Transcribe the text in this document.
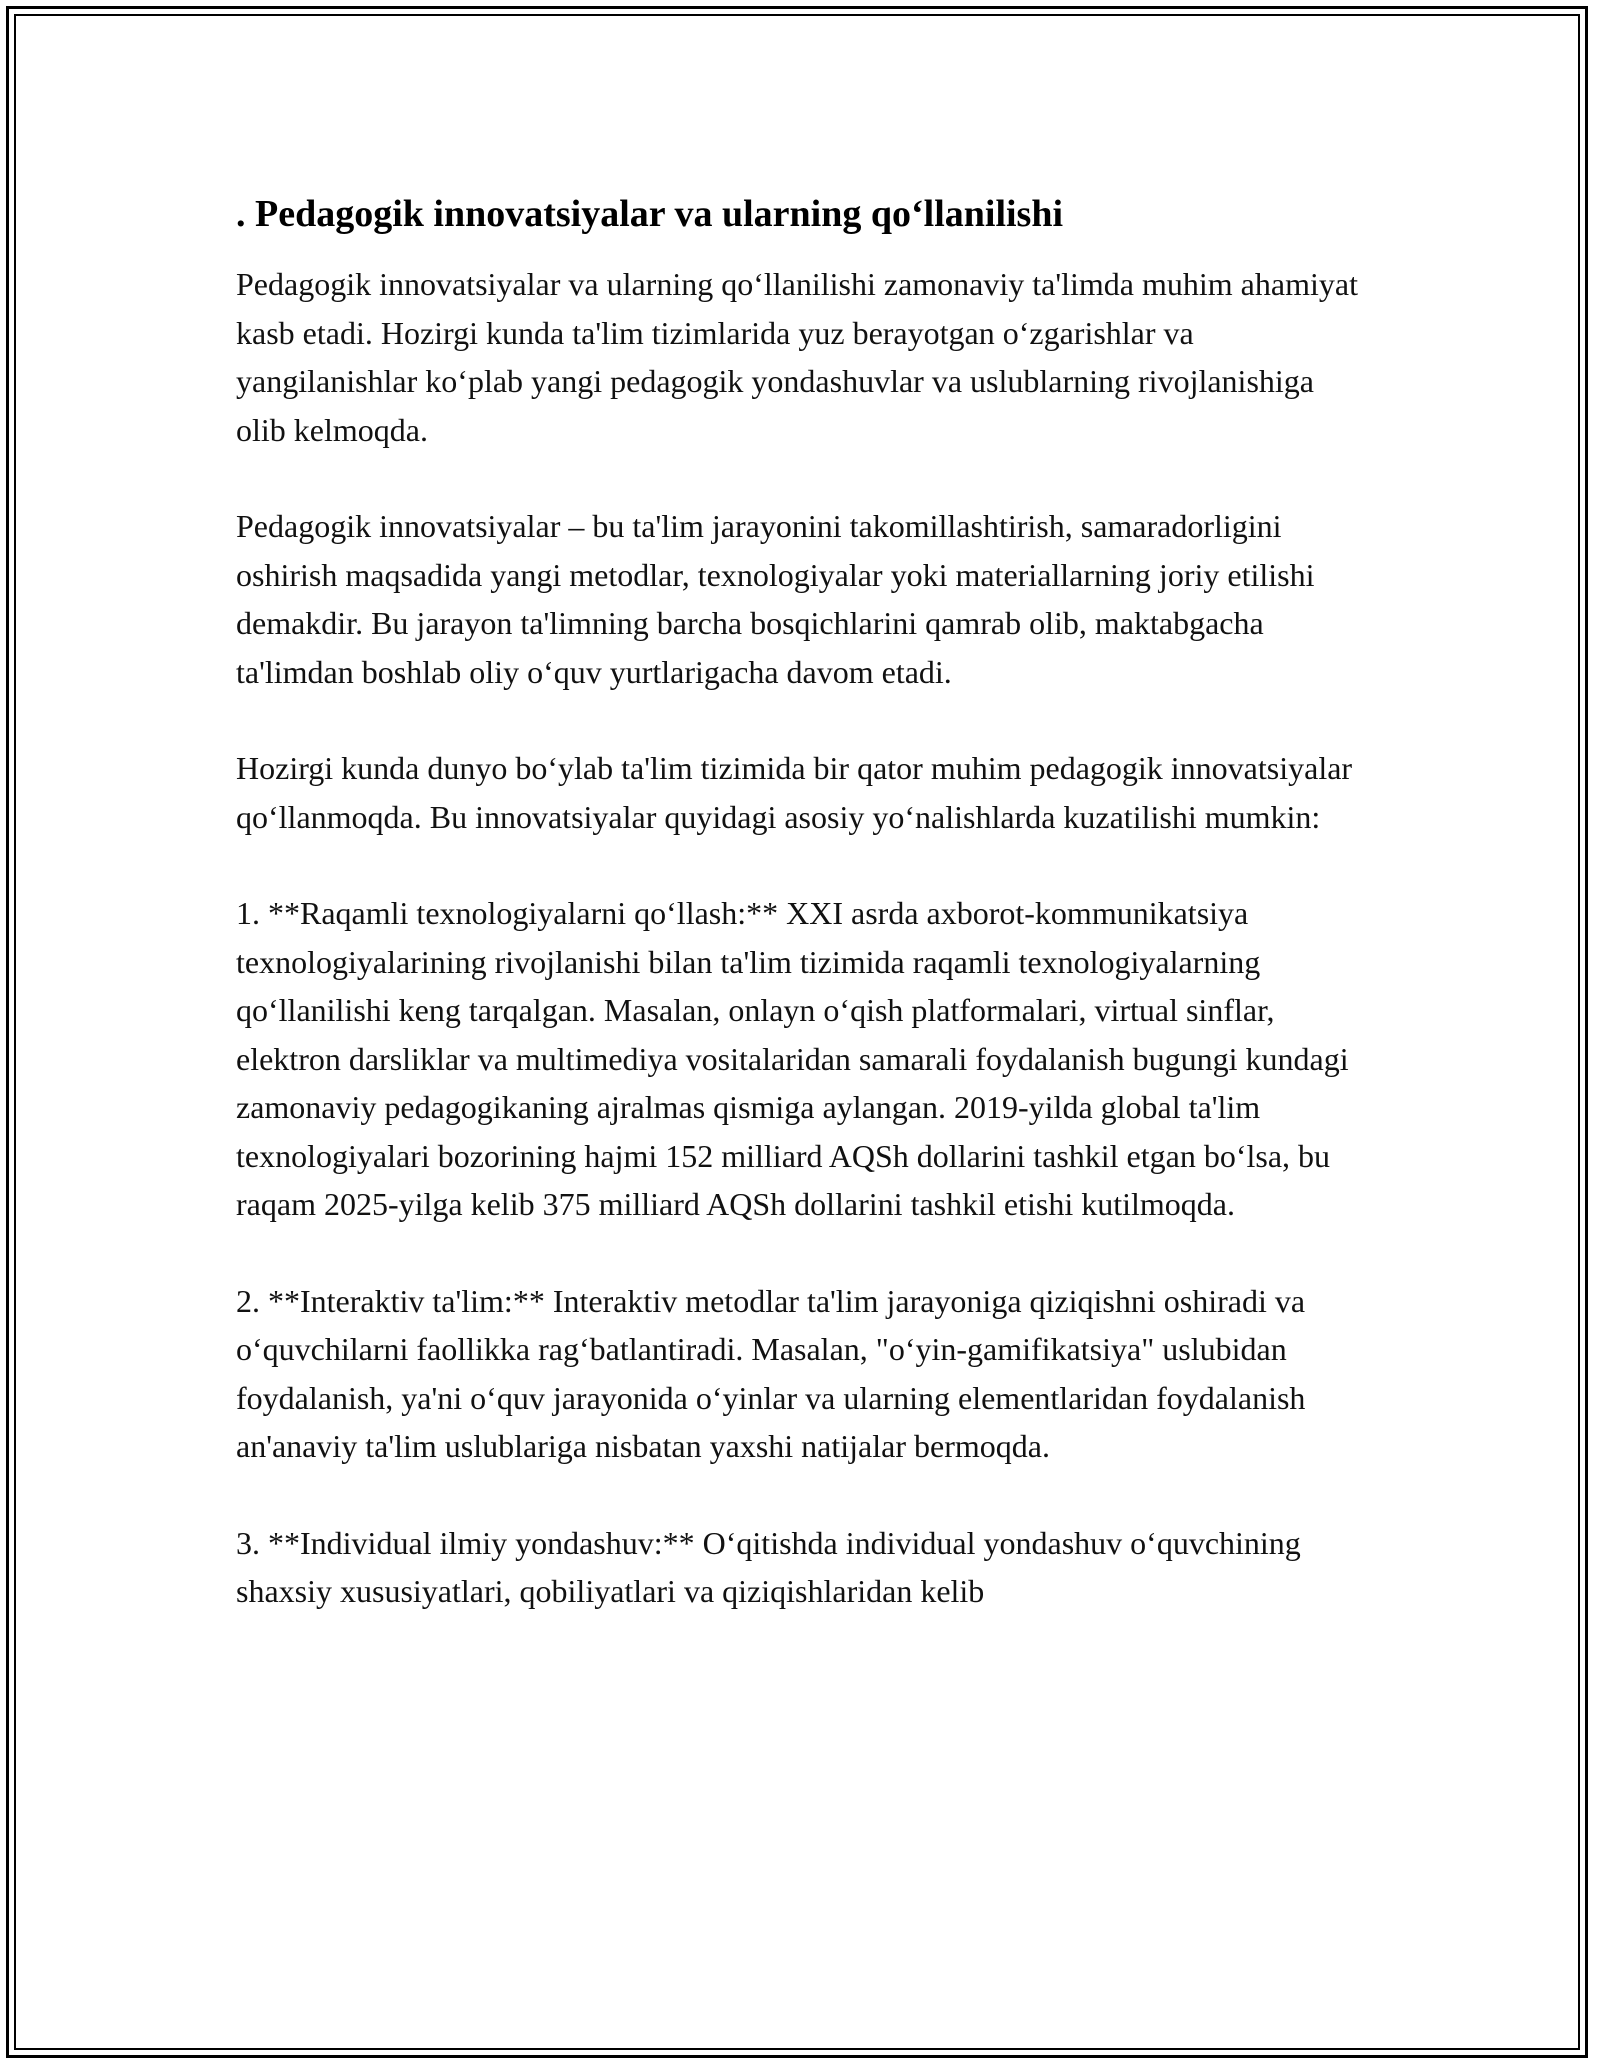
. Pedagogik innovatsiyalar va ularning qo‘llanilishi

Pedagogik innovatsiyalar va ularning qo‘llanilishi zamonaviy ta'limda muhim ahamiyat kasb etadi. Hozirgi kunda ta'lim tizimlarida yuz berayotgan o‘zgarishlar va yangilanishlar ko‘plab yangi pedagogik yondashuvlar va uslublarning rivojlanishiga olib kelmoqda.

Pedagogik innovatsiyalar – bu ta'lim jarayonini takomillashtirish, samaradorligini oshirish maqsadida yangi metodlar, texnologiyalar yoki materiallarning joriy etilishi demakdir. Bu jarayon ta'limning barcha bosqichlarini qamrab olib, maktabgacha ta'limdan boshlab oliy o‘quv yurtlarigacha davom etadi.

Hozirgi kunda dunyo bo‘ylab ta'lim tizimida bir qator muhim pedagogik innovatsiyalar qo‘llanmoqda. Bu innovatsiyalar quyidagi asosiy yo‘nalishlarda kuzatilishi mumkin:

1. **Raqamli texnologiyalarni qo‘llash:** XXI asrda axborot-kommunikatsiya texnologiyalarining rivojlanishi bilan ta'lim tizimida raqamli texnologiyalarning qo‘llanilishi keng tarqalgan. Masalan, onlayn o‘qish platformalari, virtual sinflar, elektron darsliklar va multimediya vositalaridan samarali foydalanish bugungi kundagi zamonaviy pedagogikaning ajralmas qismiga aylangan. 2019-yilda global ta'lim texnologiyalari bozorining hajmi 152 milliard AQSh dollarini tashkil etgan bo‘lsa, bu raqam 2025-yilga kelib 375 milliard AQSh dollarini tashkil etishi kutilmoqda.

2. **Interaktiv ta'lim:** Interaktiv metodlar ta'lim jarayoniga qiziqishni oshiradi va o‘quvchilarni faollikka rag‘batlantiradi. Masalan, "o‘yin-gamifikatsiya" uslubidan foydalanish, ya'ni o‘quv jarayonida o‘yinlar va ularning elementlaridan foydalanish an'anaviy ta'lim uslublariga nisbatan yaxshi natijalar bermoqda.

3. **Individual ilmiy yondashuv:** O‘qitishda individual yondashuv o‘quvchining shaxsiy xususiyatlari, qobiliyatlari va qiziqishlaridan kelib
